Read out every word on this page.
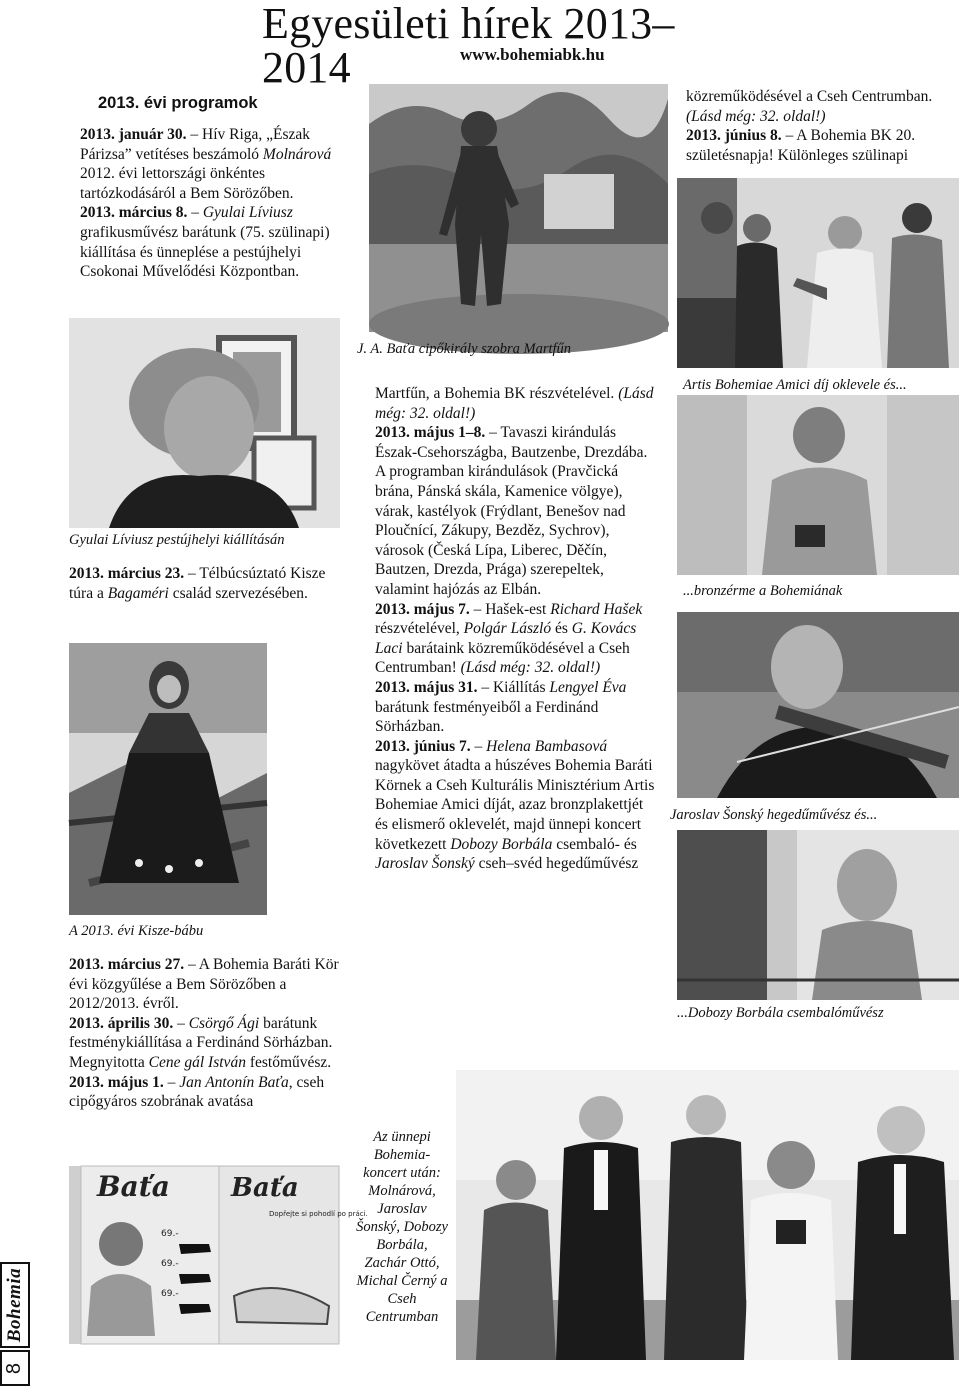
Egyesületi hírek 2013–2014	www.bohemiabk.hu
2013. évi programok

2013. január 30. – Hív Riga, „Észak Párizsa” vetítéses beszámoló Molnárová 2012. évi lettországi önkéntes tartózkodásáról a Bem Sörözőben.

2013. március 8. – Gyulai Líviusz grafikusművész barátunk (75. szülinapi) kiállítása és ünneplése a pestújhelyi Csokonai Művelődési Központban.

J. A. Baťa cipőkirály szobra Martfűn

közreműködésével a Cseh Centrumban. (Lásd még: 32. oldal!)

2013. június 8. – A Bohemia BK 20. születésnapja! Különleges szülinapi

Artis Bohemiae Amici díj oklevele és...
Gyulai Líviusz pestújhelyi kiállításán

2013. március 23. – Télbúcsúztató Kisze túra a Bagaméri család szervezésében.

A 2013. évi Kisze-bábu

2013. március 27. – A Bohemia Baráti Kör évi közgyűlése a Bem Sörözőben a 2012/2013. évről.

2013. április 30. – Csörgő Ági barátunk festménykiállítása a Ferdinánd Sörházban. Megnyitotta Cene gál István festőművész.

2013. május 1. – Jan Antonín Baťa, cseh cipőgyáros szobrának avatása

Baťa Baťa
69.-
69.-
69.-
Dopřejte si pohodlí po práci.

Martfűn, a Bohemia BK részvételével. (Lásd még: 32. oldal!)

2013. május 1–8. – Tavaszi kirándulás Észak-Csehországba, Bautzenbe, Drezdába. A programban kirándulások (Pravčická brána, Pánská skála, Kamenice völgye), várak, kastélyok (Frýdlant, Benešov nad Ploučnící, Zákupy, Bezděz, Sychrov), városok (Česká Lípa, Liberec, Děčín, Bautzen, Drezda, Prága) szerepeltek, valamint hajózás az Elbán.

2013. május 7. – Hašek-est Richard Hašek részvételével, Polgár László és G. Kovács Laci barátaink közreműködésével a Cseh Centrumban! (Lásd még: 32. oldal!)

2013. május 31. – Kiállítás Lengyel Éva barátunk festményeiből a Ferdinánd Sörházban.

2013. június 7. – Helena Bambasová nagykövet átadta a húszéves Bohemia Baráti Körnek a Cseh Kulturális Minisztérium Artis Bohemiae Amici díját, azaz bronzplakettjét és elismerő oklevelét, majd ünnepi koncert következett Dobozy Borbála csembaló- és Jaroslav Šonský cseh–svéd hegedűművész

...bronzérme a Bohemiának
Jaroslav Šonský hegedűművész és...
...Dobozy Borbála csembalóművész
Az ünnepi Bohemia-koncert után: Molnárová, Jaroslav Šonský, Dobozy Borbála, Zachár Ottó, Michal Černý a Cseh Centrumban
Bohemia
8
